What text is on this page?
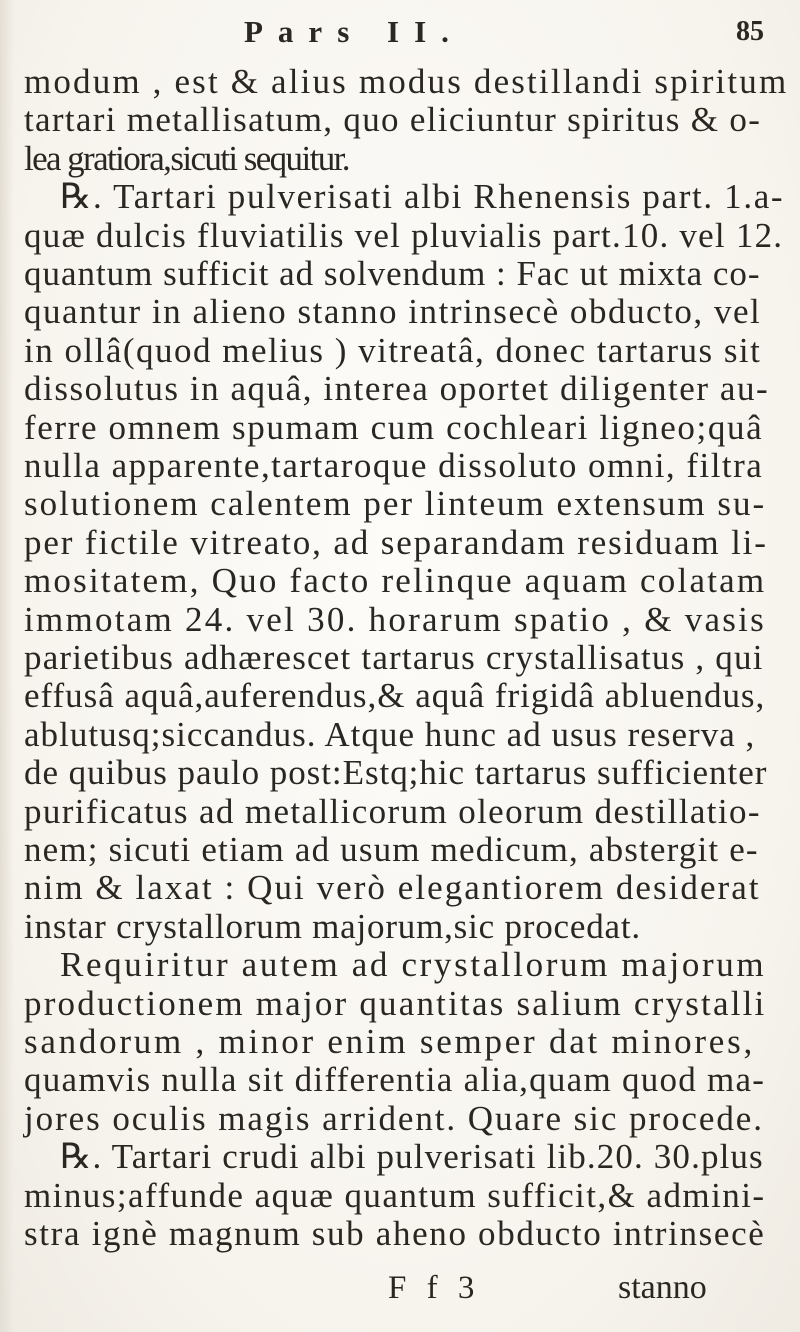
Pars II.	85
modum , est & alius modus destillandi spiritum
tartari metallisatum, quo eliciuntur spiritus & o-
lea gratiora,sicuti sequitur.
℞. Tartari pulverisati albi Rhenensis part. 1.a-
quæ dulcis fluviatilis vel pluvialis part.10. vel 12.
quantum sufficit ad solvendum : Fac ut mixta co-
quantur in alieno stanno intrinsecè obducto, vel
in ollâ(quod melius ) vitreatâ, donec tartarus sit
dissolutus in aquâ, interea oportet diligenter au-
ferre omnem spumam cum cochleari ligneo;quâ
nulla apparente,tartaroque dissoluto omni, filtra
solutionem calentem per linteum extensum su-
per fictile vitreato, ad separandam residuam li-
mositatem, Quo facto relinque aquam colatam
immotam 24. vel 30. horarum spatio , & vasis
parietibus adhærescet tartarus crystallisatus , qui
effusâ aquâ,auferendus,& aquâ frigidâ abluendus,
ablutusq;siccandus. Atque hunc ad usus reserva ,
de quibus paulo post:Estq;hic tartarus sufficienter
purificatus ad metallicorum oleorum destillatio-
nem; sicuti etiam ad usum medicum, abstergit e-
nim & laxat : Qui verò elegantiorem desiderat
instar crystallorum majorum,sic procedat.
Requiritur autem ad crystallorum majorum
productionem major quantitas salium crystalli
sandorum , minor enim semper dat minores,
quamvis nulla sit differentia alia,quam quod ma-
jores oculis magis arrident. Quare sic procede.
℞. Tartari crudi albi pulverisati lib.20. 30.plus
minus;affunde aquæ quantum sufficit,& admini-
stra ignè magnum sub aheno obducto intrinsecè
F f 3	stanno
